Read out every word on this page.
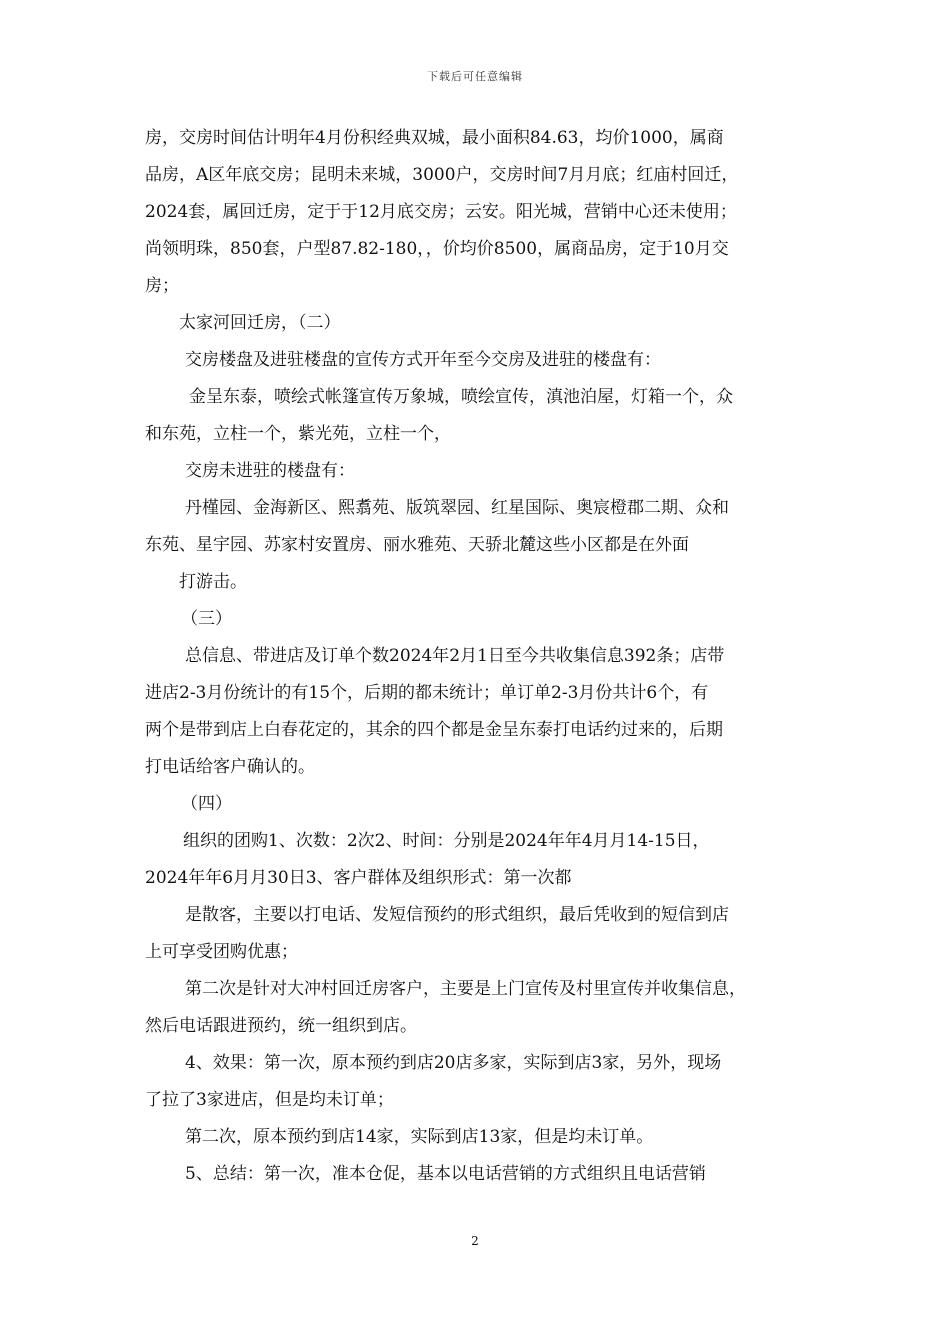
下载后可任意编辑
房，交房时间估计明年4月份积经典双城，最小面积84.63，均价1000，属商
品房，A区年底交房；昆明未来城，3000户，交房时间7月月底；红庙村回迁，
2024套，属回迁房，定于于12月底交房；云安。阳光城，营销中心还未使用；
尚领明珠，850套，户型87.82-180，，价均价8500，属商品房，定于10月交
房；
太家河回迁房，（二）
交房楼盘及进驻楼盘的宣传方式开年至今交房及进驻的楼盘有：
金呈东泰，喷绘式帐篷宣传万象城，喷绘宣传，滇池泊屋，灯箱一个，众
和东苑，立柱一个，紫光苑，立柱一个，
交房未进驻的楼盘有：
丹槿园、金海新区、熙翥苑、版筑翠园、红星国际、奥宸橙郡二期、众和
东苑、星宇园、苏家村安置房、丽水雅苑、天骄北麓这些小区都是在外面
打游击。
（三）
总信息、带进店及订单个数2024年2月1日至今共收集信息392条；店带
进店2-3月份统计的有15个，后期的都未统计；单订单2-3月份共计6个，有
两个是带到店上白春花定的，其余的四个都是金呈东泰打电话约过来的，后期
打电话给客户确认的。
（四）
组织的团购1、次数：2次2、时间：分别是2024年年4月月14-15日，
2024年年6月月30日3、客户群体及组织形式：第一次都
是散客，主要以打电话、发短信预约的形式组织，最后凭收到的短信到店
上可享受团购优惠；
第二次是针对大冲村回迁房客户，主要是上门宣传及村里宣传并收集信息，
然后电话跟进预约，统一组织到店。
4、效果：第一次，原本预约到店20店多家，实际到店3家，另外，现场
了拉了3家进店，但是均未订单；
第二次，原本预约到店14家，实际到店13家，但是均未订单。
5、总结：第一次，准本仓促，基本以电话营销的方式组织且电话营销
2
